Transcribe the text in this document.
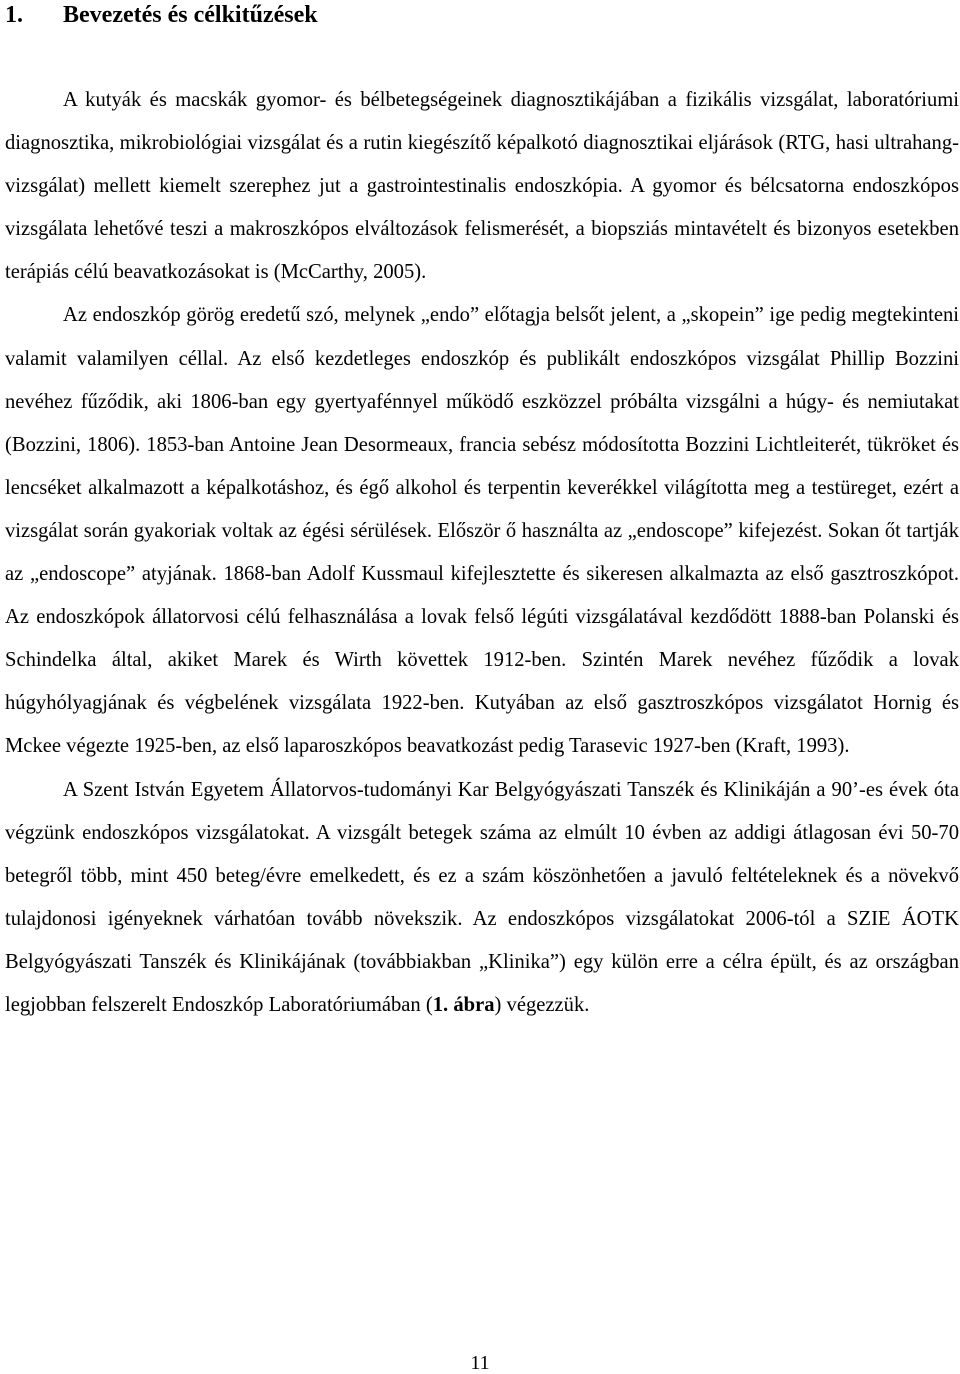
1. Bevezetés és célkitűzések

A kutyák és macskák gyomor- és bélbetegségeinek diagnosztikájában a fizikális vizsgálat, laboratóriumi diagnosztika, mikrobiológiai vizsgálat és a rutin kiegészítő képalkotó diagnosztikai eljárások (RTG, hasi ultrahang-vizsgálat) mellett kiemelt szerephez jut a gastrointestinalis endoszkópia. A gyomor és bélcsatorna endoszkópos vizsgálata lehetővé teszi a makroszkópos elváltozások felismerését, a biopsziás mintavételt és bizonyos esetekben terápiás célú beavatkozásokat is (McCarthy, 2005).

Az endoszkóp görög eredetű szó, melynek „endo” előtagja belsőt jelent, a „skopein” ige pedig megtekinteni valamit valamilyen céllal. Az első kezdetleges endoszkóp és publikált endoszkópos vizsgálat Phillip Bozzini nevéhez fűződik, aki 1806-ban egy gyertyafénnyel működő eszközzel próbálta vizsgálni a húgy- és nemiutakat (Bozzini, 1806). 1853-ban Antoine Jean Desormeaux, francia sebész módosította Bozzini Lichtleiterét, tükröket és lencséket alkalmazott a képalkotáshoz, és égő alkohol és terpentin keverékkel világította meg a testüreget, ezért a vizsgálat során gyakoriak voltak az égési sérülések. Először ő használta az „endoscope” kifejezést. Sokan őt tartják az „endoscope” atyjának. 1868-ban Adolf Kussmaul kifejlesztette és sikeresen alkalmazta az első gasztroszkópot. Az endoszkópok állatorvosi célú felhasználása a lovak felső légúti vizsgálatával kezdődött 1888-ban Polanski és Schindelka által, akiket Marek és Wirth követtek 1912-ben. Szintén Marek nevéhez fűződik a lovak húgyhólyagjának és végbelének vizsgálata 1922-ben. Kutyában az első gasztroszkópos vizsgálatot Hornig és Mckee végezte 1925-ben, az első laparoszkópos beavatkozást pedig Tarasevic 1927-ben (Kraft, 1993).

A Szent István Egyetem Állatorvos-tudományi Kar Belgyógyászati Tanszék és Klinikáján a 90’-es évek óta végzünk endoszkópos vizsgálatokat. A vizsgált betegek száma az elmúlt 10 évben az addigi átlagosan évi 50-70 betegről több, mint 450 beteg/évre emelkedett, és ez a szám köszönhetően a javuló feltételeknek és a növekvő tulajdonosi igényeknek várhatóan tovább növekszik. Az endoszkópos vizsgálatokat 2006-tól a SZIE ÁOTK Belgyógyászati Tanszék és Klinikájának (továbbiakban „Klinika”) egy külön erre a célra épült, és az országban legjobban felszerelt Endoszkóp Laboratóriumában (1. ábra) végezzük.

11
